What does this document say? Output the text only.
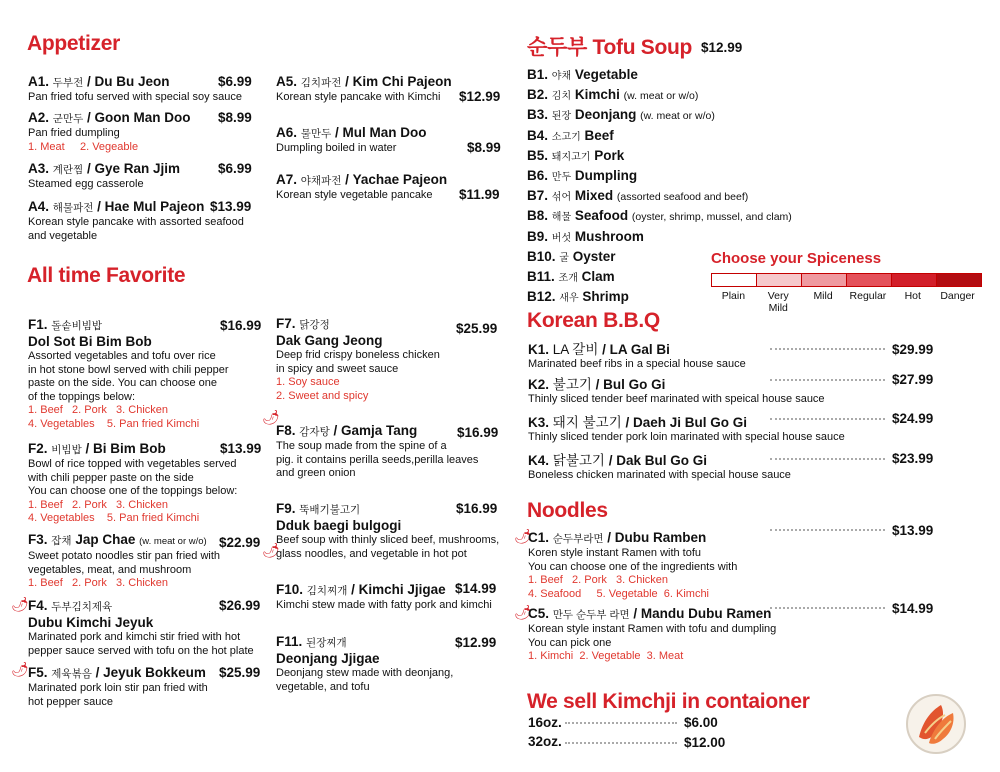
Appetizer
A1. 두부전 / Du Bu Jeon
Pan fried tofu served with special soy sauce
$6.99
A2. 군만두 / Goon Man Doo
Pan fried dumpling
1. Meat     2. Vegeable
$8.99
A3. 계란찜 / Gye Ran Jjim
Steamed egg casserole
$6.99
A4. 해물파전 / Hae Mul Pajeon
Korean style pancake with assorted seafood
and vegetable
$13.99
A5. 김치파전 / Kim Chi Pajeon
Korean style pancake with Kimchi	$12.99
A6. 물만두 / Mul Man Doo
Dumpling boiled in water	$8.99
A7. 야채파전 / Yachae Pajeon
Korean style vegetable pancake	$11.99
All time Favorite
F1. 돌솥비빔밥
Dol Sot Bi Bim Bob
Assorted vegetables and tofu over rice
in hot stone bowl served with chili pepper
paste on the side. You can choose one
of the toppings below:
1. Beef   2. Pork   3. Chicken
4. Vegetables    5. Pan fried Kimchi
$16.99
F2. 비빔밥 / Bi Bim Bob
Bowl of rice topped with vegetables served
with chili pepper paste on the side
You can choose one of the toppings below:
1. Beef   2. Pork   3. Chicken
4. Vegetables    5. Pan fried Kimchi
$13.99
F3. 잡채 Jap Chae (w. meat or w/o)
Sweet potato noodles stir pan fried with
vegetables, meat, and mushroom
1. Beef   2. Pork   3. Chicken
$22.99
🌶 F4. 두부김치제육
Dubu Kimchi Jeyuk
Marinated pork and kimchi stir fried with hot
pepper sauce served with tofu on the hot plate
$26.99
🌶 F5. 제육볶음 / Jeyuk Bokkeum
Marinated pork loin stir pan fried with
hot pepper sauce
$25.99
F7. 닭강정
Dak Gang Jeong
Deep frid crispy boneless chicken
in spicy and sweet sauce
1. Soy sauce
2. Sweet and spicy
$25.99
🌶
F8. 감자탕 / Gamja Tang
The soup made from the spine of a
pig. it contains perilla seeds,perilla leaves
and green onion
$16.99
🌶
F9. 뚝배기불고기
Dduk baegi bulgogi
Beef soup with thinly sliced beef, mushrooms,
glass noodles, and vegetable in hot pot
$16.99
F10. 김치찌개 / Kimchi Jjigae
Kimchi stew made with fatty pork and kimchi
$14.99
F11. 된장찌개
Deonjang Jjigae
Deonjang stew made with deonjang,
vegetable, and tofu
$12.99
순두부 Tofu Soup $12.99
B1. 야채 Vegetable
B2. 김치 Kimchi (w. meat or w/o)
B3. 된장 Deonjang (w. meat or w/o)
B4. 소고기 Beef
B5. 돼지고기 Pork
B6. 만두 Dumpling
B7. 섞어 Mixed (assorted seafood and beef)
B8. 해물 Seafood (oyster, shrimp, mussel, and clam)
B9. 버섯 Mushroom
B10. 굴 Oyster
B11. 조개 Clam
B12. 새우 Shrimp
Choose your Spiceness
Plain	Very Mild
Mild	Regular	Hot	Danger
Korean B.B.Q
K1. LA 갈비 / LA Gal Bi
Marinated beef ribs in a special house sauce
$29.99
K2. 불고기 / Bul Go Gi
Thinly sliced tender beef marinated with speical house sauce
$27.99
K3. 돼지 불고기 / Daeh Ji Bul Go Gi
Thinly sliced tender pork loin marinated with special house sauce
$24.99
K4. 닭불고기 / Dak Bul Go Gi
Boneless chicken marinated with special house sauce
$23.99
Noodles
🌶
C1. 순두부라면 / Dubu Ramben
Koren style instant Ramen with tofu
You can choose one of the ingredients with
1. Beef   2. Pork   3. Chicken
4. Seafood     5. Vegetable  6. Kimchi
$13.99
🌶
C5. 만두 순두부 라면 / Mandu Dubu Ramen
Korean style instant Ramen with tofu and dumpling
You can pick one
1. Kimchi  2. Vegetable  3. Meat
$14.99
We sell Kimchji in contaioner
16oz.	$6.00
32oz.	$12.00
